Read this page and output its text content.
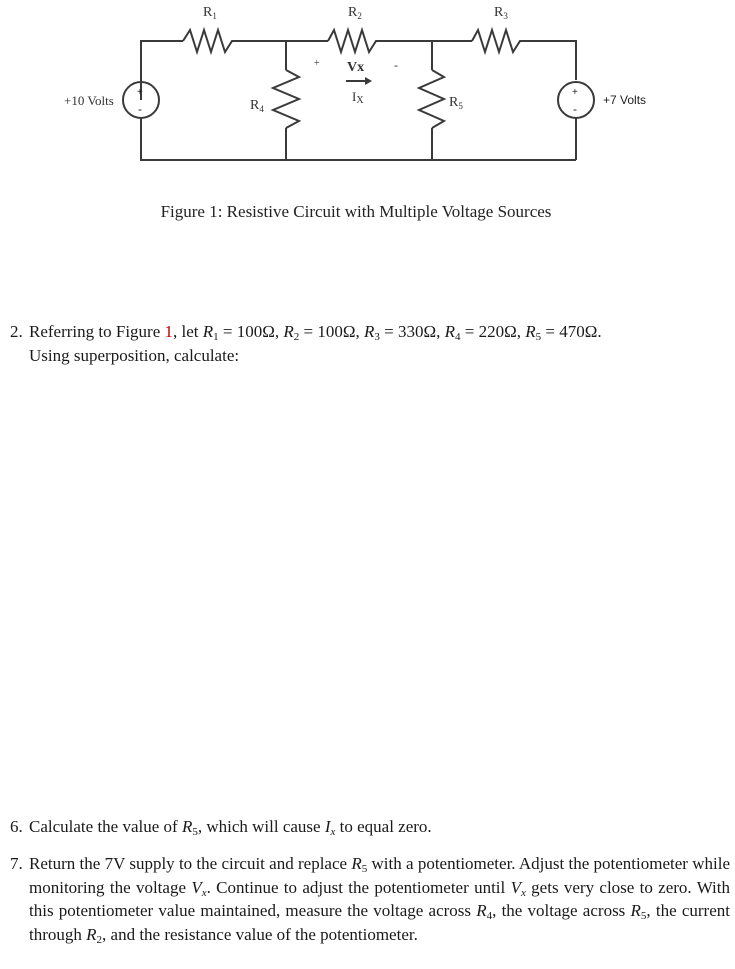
$R_1$	$R_2$	$R_3$
$R_4$	$R_5$
Vx
IX
+	-
+10 Volts	+7 Volts
+
-
+
-
Figure 1: Resistive Circuit with Multiple Voltage Sources
2. Referring to Figure 1, let $R_1 = 100\Omega$, $R_2 = 100\Omega$, $R_3 = 330\Omega$, $R_4 = 220\Omega$, $R_5 = 470\Omega$.
Using superposition, calculate:
6. Calculate the value of $R_5$, which will cause $I_x$ to equal zero.
7. Return the 7V supply to the circuit and replace $R_5$ with a potentiometer. Adjust the potentiometer while monitoring the voltage $V_x$. Continue to adjust the potentiometer until $V_x$ gets very close to zero. With this potentiometer value maintained, measure the voltage across $R_4$, the voltage across $R_5$, the current through $R_2$, and the resistance value of the potentiometer.
